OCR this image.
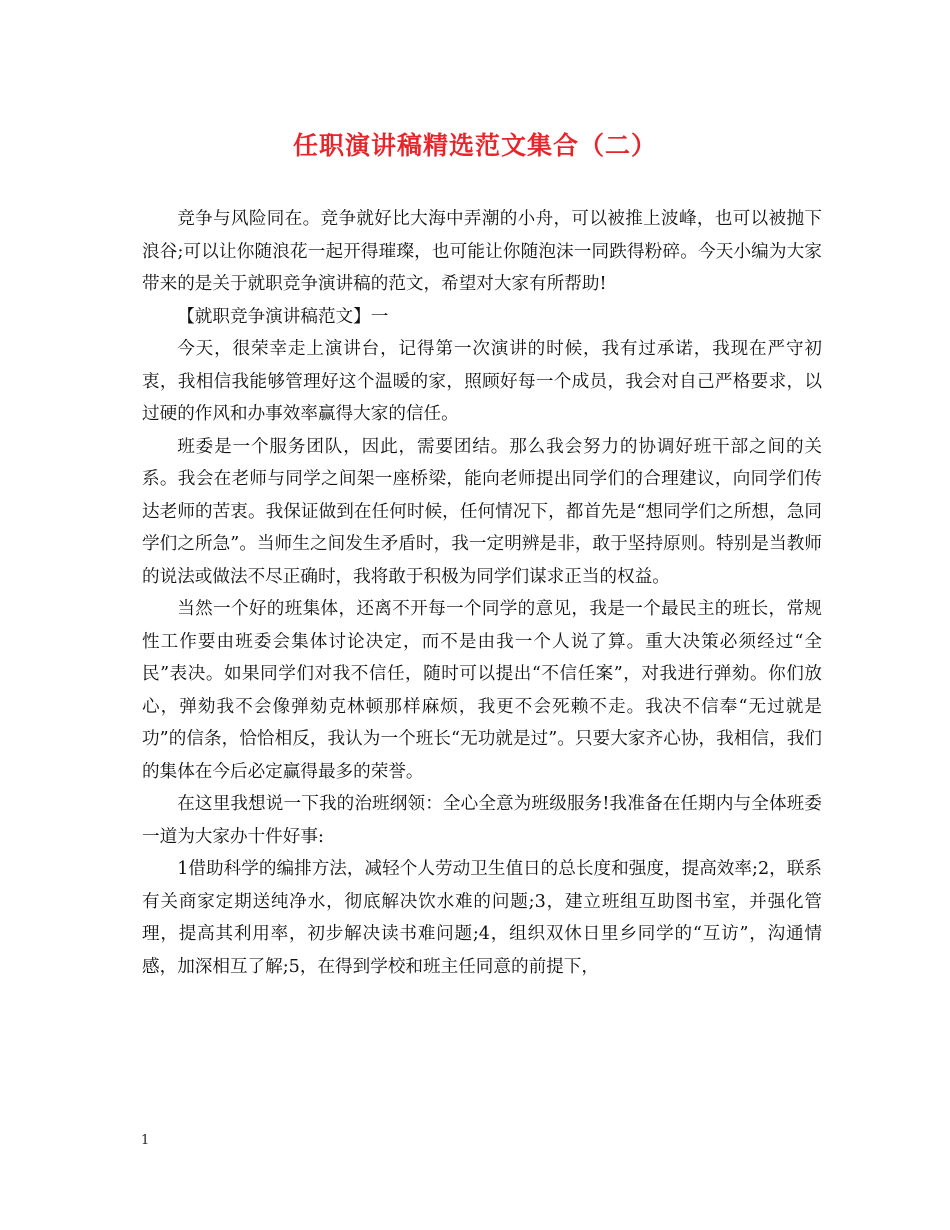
任职演讲稿精选范文集合（二）

竞争与风险同在。竞争就好比大海中弄潮的小舟，可以被推上波峰，也可以被抛下浪谷;可以让你随浪花一起开得璀璨，也可能让你随泡沫一同跌得粉碎。今天小编为大家带来的是关于就职竞争演讲稿的范文，希望对大家有所帮助!

【就职竞争演讲稿范文】一

今天，很荣幸走上演讲台，记得第一次演讲的时候，我有过承诺，我现在严守初衷，我相信我能够管理好这个温暖的家，照顾好每一个成员，我会对自己严格要求，以过硬的作风和办事效率赢得大家的信任。

班委是一个服务团队，因此，需要团结。那么我会努力的协调好班干部之间的关系。我会在老师与同学之间架一座桥梁，能向老师提出同学们的合理建议，向同学们传达老师的苦衷。我保证做到在任何时候，任何情况下，都首先是“想同学们之所想，急同学们之所急”。当师生之间发生矛盾时，我一定明辨是非，敢于坚持原则。特别是当教师的说法或做法不尽正确时，我将敢于积极为同学们谋求正当的权益。

当然一个好的班集体，还离不开每一个同学的意见，我是一个最民主的班长，常规性工作要由班委会集体讨论决定，而不是由我一个人说了算。重大决策必须经过“全民”表决。如果同学们对我不信任，随时可以提出“不信任案”，对我进行弹劾。你们放心，弹劾我不会像弹劾克林顿那样麻烦，我更不会死赖不走。我决不信奉“无过就是功”的信条，恰恰相反，我认为一个班长“无功就是过”。只要大家齐心协，我相信，我们的集体在今后必定赢得最多的荣誉。

在这里我想说一下我的治班纲领：全心全意为班级服务!我准备在任期内与全体班委一道为大家办十件好事:

1借助科学的编排方法，减轻个人劳动卫生值日的总长度和强度，提高效率;2，联系有关商家定期送纯净水，彻底解决饮水难的问题;3，建立班组互助图书室，并强化管理，提高其利用率，初步解决读书难问题;4，组织双休日里乡同学的“互访”，沟通情感，加深相互了解;5，在得到学校和班主任同意的前提下，

1
